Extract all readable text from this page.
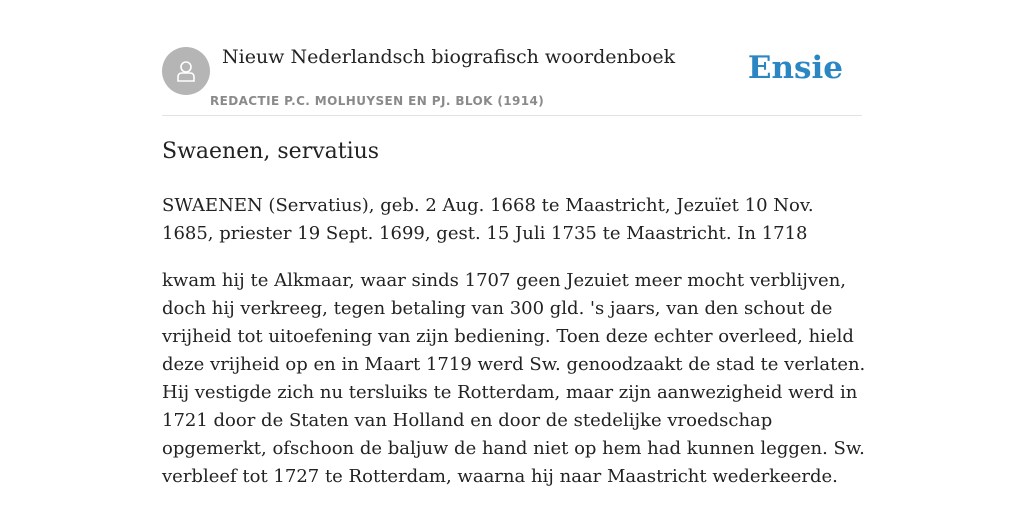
Nieuw Nederlandsch biografisch woordenboek
REDACTIE P.C. MOLHUYSEN EN PJ. BLOK (1914)
Ensie
Swaenen, servatius

SWAENEN (Servatius), geb. 2 Aug. 1668 te Maastricht, Jezuïet 10 Nov. 1685, priester 19 Sept. 1699, gest. 15 Juli 1735 te Maastricht. In 1718

kwam hij te Alkmaar, waar sinds 1707 geen Jezuiet meer mocht verblijven, doch hij verkreeg, tegen betaling van 300 gld. 's jaars, van den schout de vrijheid tot uitoefening van zijn bediening. Toen deze echter overleed, hield deze vrijheid op en in Maart 1719 werd Sw. genoodzaakt de stad te verlaten. Hij vestigde zich nu tersluiks te Rotterdam, maar zijn aanwezigheid werd in 1721 door de Staten van Holland en door de stedelijke vroedschap opgemerkt, ofschoon de baljuw de hand niet op hem had kunnen leggen. Sw. verbleef tot 1727 te Rotterdam, waarna hij naar Maastricht wederkeerde.
